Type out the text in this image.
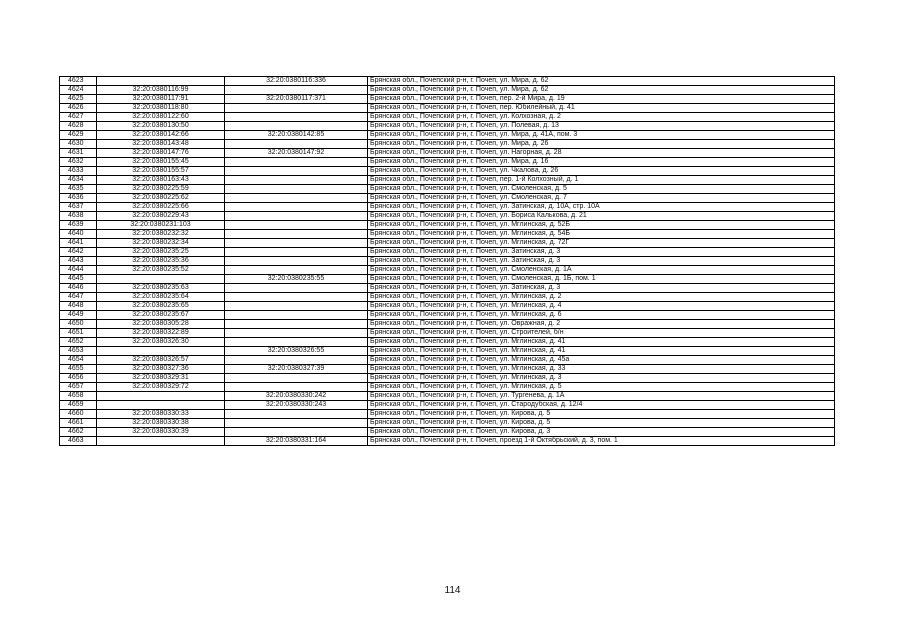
4623		32:20:0380116:336	Брянская обл., Почепский р-н, г. Почеп, ул. Мира, д. 62
4624	32:20:0380116:99		Брянская обл., Почепский р-н, г. Почеп, ул. Мира, д. 62
4625	32:20:0380117:91	32:20:0380117:371	Брянская обл., Почепский р-н, г. Почеп, пер. 2-й Мира, д. 19
4626	32:20:0380118:80		Брянская обл., Почепский р-н, г. Почеп, пер. Юбилейный, д. 41
4627	32:20:0380122:60		Брянская обл., Почепский р-н, г. Почеп, ул. Колхозная, д. 2
4628	32:20:0380130:50		Брянская обл., Почепский р-н, г. Почеп, ул. Полевая, д. 13
4629	32:20:0380142:66	32:20:0380142:85	Брянская обл., Почепский р-н, г. Почеп, ул. Мира, д. 41А, пом. 3
4630	32:20:0380143:48		Брянская обл., Почепский р-н, г. Почеп, ул. Мира, д. 26
4631	32:20:0380147:76	32:20:0380147:92	Брянская обл., Почепский р-н, г. Почеп, ул. Нагорная, д. 28
4632	32:20:0380155:45		Брянская обл., Почепский р-н, г. Почеп, ул. Мира, д. 16
4633	32:20:0380155:57		Брянская обл., Почепский р-н, г. Почеп, ул. Чкалова, д. 26
4634	32:20:0380163:43		Брянская обл., Почепский р-н, г. Почеп, пер. 1-й Колхозный, д. 1
4635	32:20:0380225:59		Брянская обл., Почепский р-н, г. Почеп, ул. Смоленская, д. 5
4636	32:20:0380225:62		Брянская обл., Почепский р-н, г. Почеп, ул. Смоленская, д. 7
4637	32:20:0380225:66		Брянская обл., Почепский р-н, г. Почеп, ул. Затинская, д. 10А, стр. 10А
4638	32:20:0380229:43		Брянская обл., Почепский р-н, г. Почеп, ул. Бориса Калькова, д. 21
4639	32:20:0380231:103		Брянская обл., Почепский р-н, г. Почеп, ул. Мглинская, д. 52Б
4640	32:20:0380232:32		Брянская обл., Почепский р-н, г. Почеп, ул. Мглинская, д. 54Б
4641	32:20:0380232:34		Брянская обл., Почепский р-н, г. Почеп, ул. Мглинская, д. 72Г
4642	32:20:0380235:25		Брянская обл., Почепский р-н, г. Почеп, ул. Затинская, д. 3
4643	32:20:0380235:36		Брянская обл., Почепский р-н, г. Почеп, ул. Затинская, д. 3
4644	32:20:0380235:52		Брянская обл., Почепский р-н, г. Почеп, ул. Смоленская, д. 1А
4645		32:20:0380235:55	Брянская обл., Почепский р-н, г. Почеп, ул. Смоленская, д. 1Б, пом. 1
4646	32:20:0380235:63		Брянская обл., Почепский р-н, г. Почеп, ул. Затинская, д. 3
4647	32:20:0380235:64		Брянская обл., Почепский р-н, г. Почеп, ул. Мглинская, д. 2
4648	32:20:0380235:65		Брянская обл., Почепский р-н, г. Почеп, ул. Мглинская, д. 4
4649	32:20:0380235:67		Брянская обл., Почепский р-н, г. Почеп, ул. Мглинская, д. 6
4650	32:20:0380305:28		Брянская обл., Почепский р-н, г. Почеп, ул. Овражная, д. 2
4651	32:20:0380322:89		Брянская обл., Почепский р-н, г. Почеп, ул. Строителей, б/н
4652	32:20:0380326:30		Брянская обл., Почепский р-н, г. Почеп, ул. Мглинская, д. 41
4653		32:20:0380326:55	Брянская обл., Почепский р-н, г. Почеп, ул. Мглинская, д. 41
4654	32:20:0380326:57		Брянская обл., Почепский р-н, г. Почеп, ул. Мглинская, д. 45а
4655	32:20:0380327:36	32:20:0380327:39	Брянская обл., Почепский р-н, г. Почеп, ул. Мглинская, д. 33
4656	32:20:0380329:31		Брянская обл., Почепский р-н, г. Почеп, ул. Мглинская, д. 3
4657	32:20:0380329:72		Брянская обл., Почепский р-н, г. Почеп, ул. Мглинская, д. 5
4658		32:20:0380330:242	Брянская обл., Почепский р-н, г. Почеп, ул. Тургенева, д. 1А
4659		32:20:0380330:243	Брянская обл., Почепский р-н, г. Почеп, ул. Стародубская, д. 12/4
4660	32:20:0380330:33		Брянская обл., Почепский р-н, г. Почеп, ул. Кирова, д. 5
4661	32:20:0380330:38		Брянская обл., Почепский р-н, г. Почеп, ул. Кирова, д. 5
4662	32:20:0380330:39		Брянская обл., Почепский р-н, г. Почеп, ул. Кирова, д. 3
4663		32:20:0380331:164	Брянская обл., Почепский р-н, г. Почеп, проезд 1-й Октябрьский, д. 3, пом. 1
114
